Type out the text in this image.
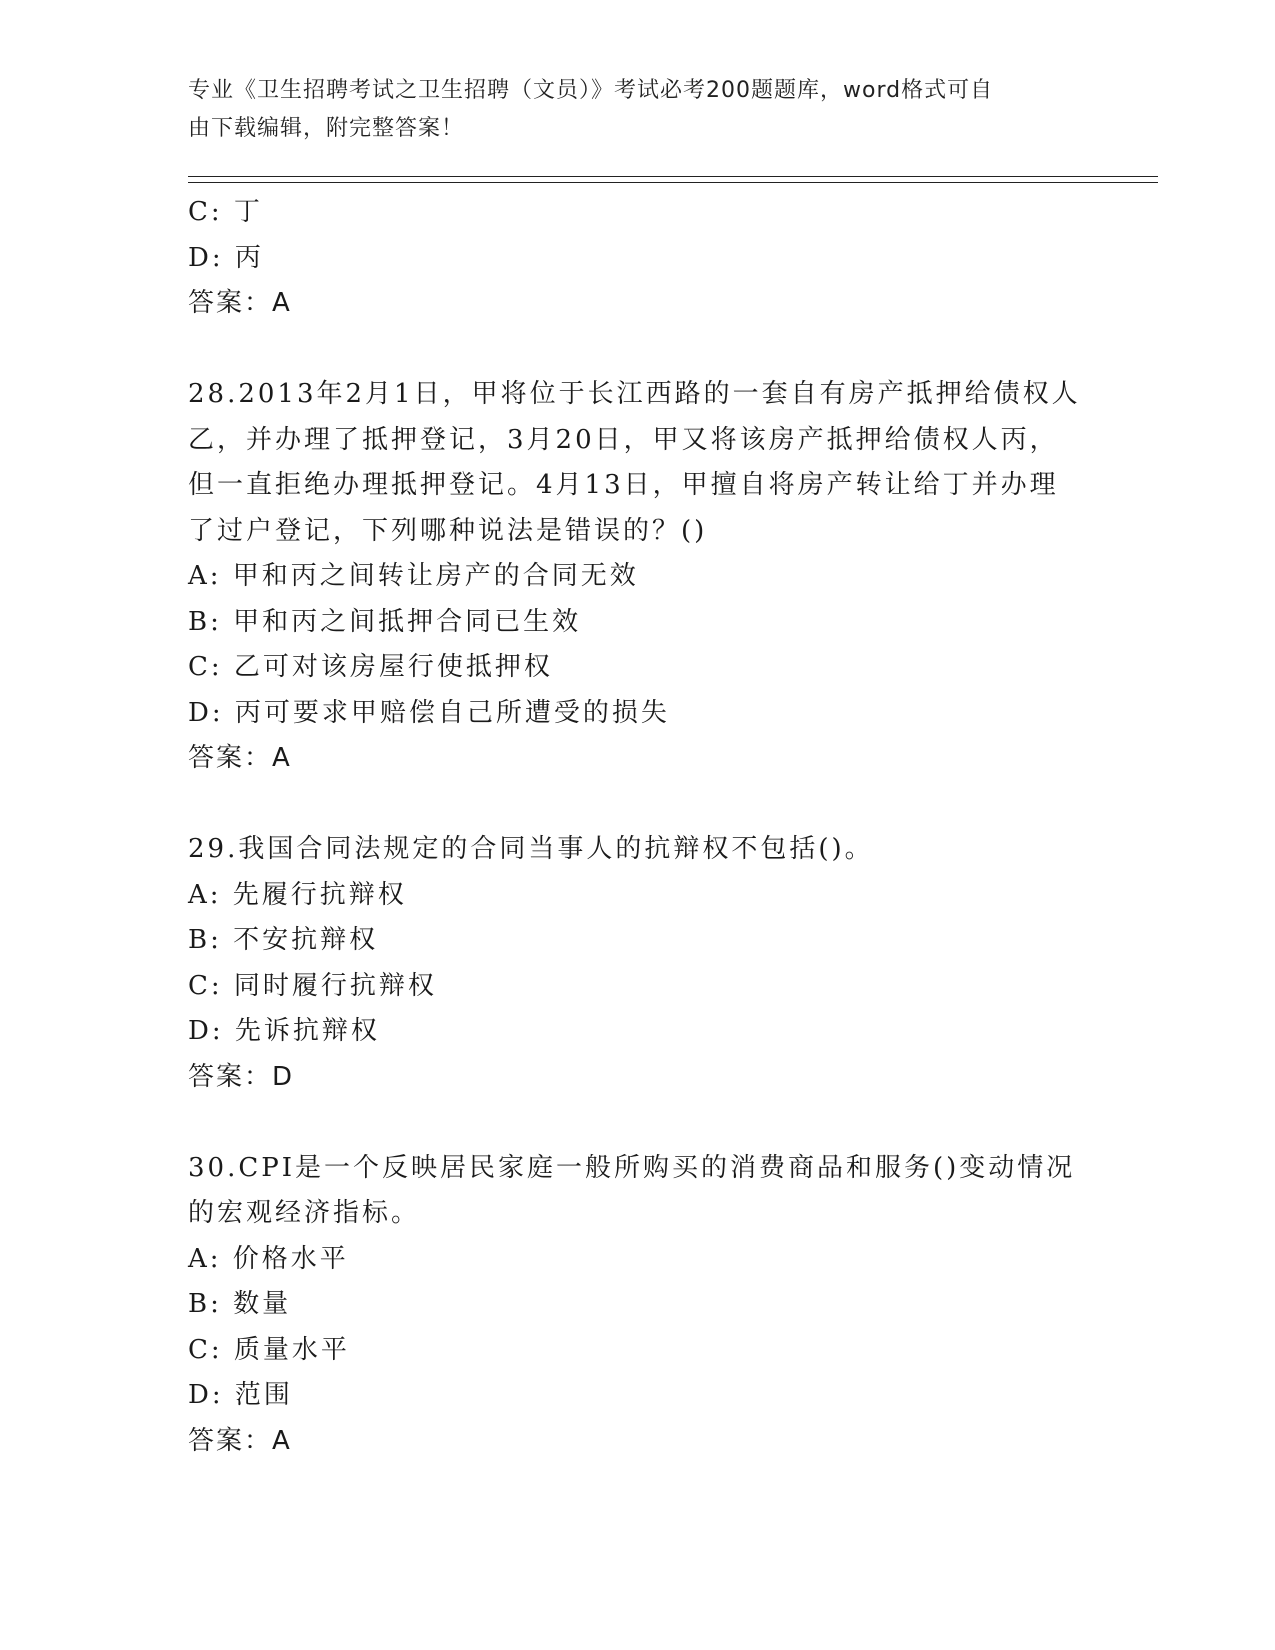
专业《卫生招聘考试之卫生招聘（文员）》考试必考200题题库，word格式可自
由下载编辑，附完整答案！
C: 丁
D: 丙
答案：A
28.2013年2月1日，甲将位于长江西路的一套自有房产抵押给债权人
乙，并办理了抵押登记，3月20日，甲又将该房产抵押给债权人丙，
但一直拒绝办理抵押登记。4月13日，甲擅自将房产转让给丁并办理
了过户登记，下列哪种说法是错误的？()
A: 甲和丙之间转让房产的合同无效
B: 甲和丙之间抵押合同已生效
C: 乙可对该房屋行使抵押权
D: 丙可要求甲赔偿自己所遭受的损失
答案：A
29.我国合同法规定的合同当事人的抗辩权不包括()。
A: 先履行抗辩权
B: 不安抗辩权
C: 同时履行抗辩权
D: 先诉抗辩权
答案：D
30.CPI是一个反映居民家庭一般所购买的消费商品和服务()变动情况
的宏观经济指标。
A: 价格水平
B: 数量
C: 质量水平
D: 范围
答案：A
